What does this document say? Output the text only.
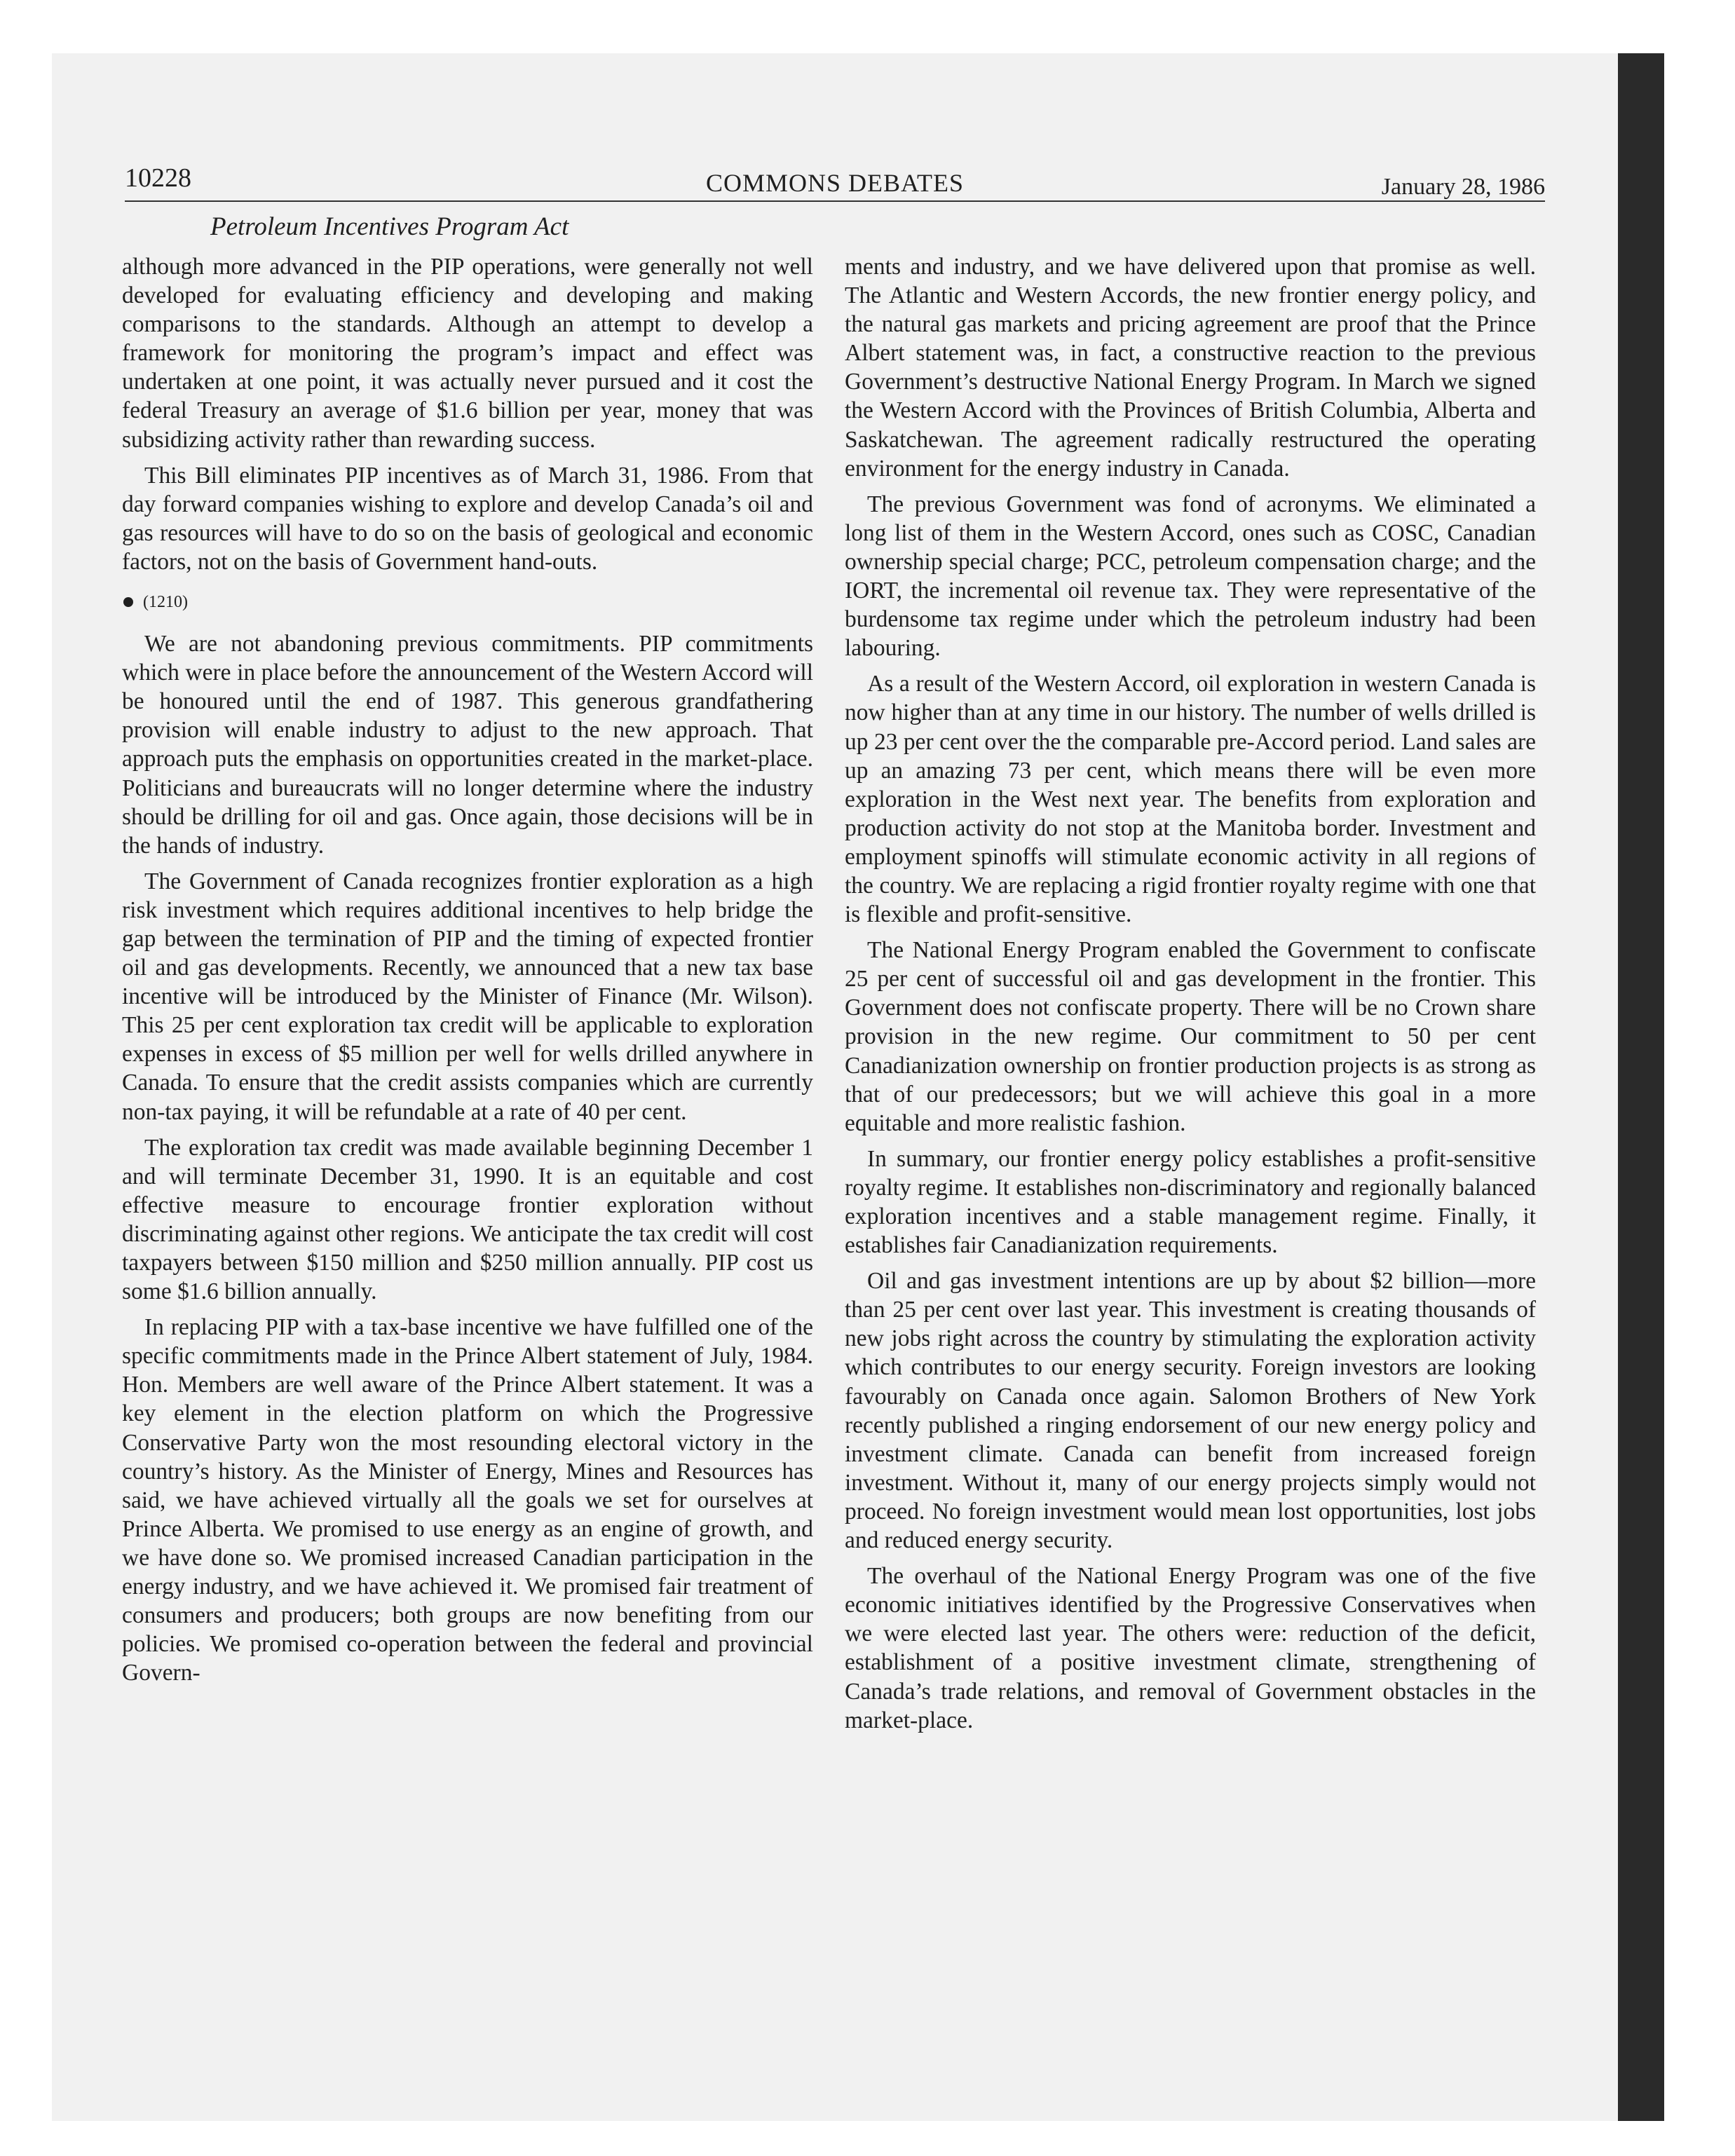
10228	COMMONS DEBATES	January 28, 1986
Petroleum Incentives Program Act

although more advanced in the PIP operations, were generally not well developed for evaluating efficiency and developing and making comparisons to the standards. Although an attempt to develop a framework for monitoring the program’s impact and effect was undertaken at one point, it was actually never pursued and it cost the federal Treasury an average of $1.6 billion per year, money that was subsidizing activity rather than rewarding success.

This Bill eliminates PIP incentives as of March 31, 1986. From that day forward companies wishing to explore and develop Canada’s oil and gas resources will have to do so on the basis of geological and economic factors, not on the basis of Government hand-outs.

(1210)

We are not abandoning previous commitments. PIP commitments which were in place before the announcement of the Western Accord will be honoured until the end of 1987. This generous grandfathering provision will enable industry to adjust to the new approach. That approach puts the emphasis on opportunities created in the market-place. Politicians and bureaucrats will no longer determine where the industry should be drilling for oil and gas. Once again, those decisions will be in the hands of industry.

The Government of Canada recognizes frontier exploration as a high risk investment which requires additional incentives to help bridge the gap between the termination of PIP and the timing of expected frontier oil and gas developments. Recently, we announced that a new tax base incentive will be introduced by the Minister of Finance (Mr. Wilson). This 25 per cent exploration tax credit will be applicable to exploration expenses in excess of $5 million per well for wells drilled anywhere in Canada. To ensure that the credit assists companies which are currently non-tax paying, it will be refundable at a rate of 40 per cent.

The exploration tax credit was made available beginning December 1 and will terminate December 31, 1990. It is an equitable and cost effective measure to encourage frontier exploration without discriminating against other regions. We anticipate the tax credit will cost taxpayers between $150 million and $250 million annually. PIP cost us some $1.6 billion annually.

In replacing PIP with a tax-base incentive we have fulfilled one of the specific commitments made in the Prince Albert statement of July, 1984. Hon. Members are well aware of the Prince Albert statement. It was a key element in the election platform on which the Progressive Conservative Party won the most resounding electoral victory in the country’s history. As the Minister of Energy, Mines and Resources has said, we have achieved virtually all the goals we set for ourselves at Prince Alberta. We promised to use energy as an engine of growth, and we have done so. We promised increased Canadian participation in the energy industry, and we have achieved it. We promised fair treatment of consumers and producers; both groups are now benefiting from our policies. We promised co-operation between the federal and provincial Govern-

ments and industry, and we have delivered upon that promise as well. The Atlantic and Western Accords, the new frontier energy policy, and the natural gas markets and pricing agreement are proof that the Prince Albert statement was, in fact, a constructive reaction to the previous Government’s destructive National Energy Program. In March we signed the Western Accord with the Provinces of British Columbia, Alberta and Saskatchewan. The agreement radically restructured the operating environment for the energy industry in Canada.

The previous Government was fond of acronyms. We eliminated a long list of them in the Western Accord, ones such as COSC, Canadian ownership special charge; PCC, petroleum compensation charge; and the IORT, the incremental oil revenue tax. They were representative of the burdensome tax regime under which the petroleum industry had been labouring.

As a result of the Western Accord, oil exploration in western Canada is now higher than at any time in our history. The number of wells drilled is up 23 per cent over the the comparable pre-Accord period. Land sales are up an amazing 73 per cent, which means there will be even more exploration in the West next year. The benefits from exploration and production activity do not stop at the Manitoba border. Investment and employment spinoffs will stimulate economic activity in all regions of the country. We are replacing a rigid frontier royalty regime with one that is flexible and profit-sensitive.

The National Energy Program enabled the Government to confiscate 25 per cent of successful oil and gas development in the frontier. This Government does not confiscate property. There will be no Crown share provision in the new regime. Our commitment to 50 per cent Canadianization ownership on frontier production projects is as strong as that of our predecessors; but we will achieve this goal in a more equitable and more realistic fashion.

In summary, our frontier energy policy establishes a profit-sensitive royalty regime. It establishes non-discriminatory and regionally balanced exploration incentives and a stable management regime. Finally, it establishes fair Canadianization requirements.

Oil and gas investment intentions are up by about $2 billion—more than 25 per cent over last year. This investment is creating thousands of new jobs right across the country by stimulating the exploration activity which contributes to our energy security. Foreign investors are looking favourably on Canada once again. Salomon Brothers of New York recently published a ringing endorsement of our new energy policy and investment climate. Canada can benefit from increased foreign investment. Without it, many of our energy projects simply would not proceed. No foreign investment would mean lost opportunities, lost jobs and reduced energy security.

The overhaul of the National Energy Program was one of the five economic initiatives identified by the Progressive Conservatives when we were elected last year. The others were: reduction of the deficit, establishment of a positive investment climate, strengthening of Canada’s trade relations, and removal of Government obstacles in the market-place.
